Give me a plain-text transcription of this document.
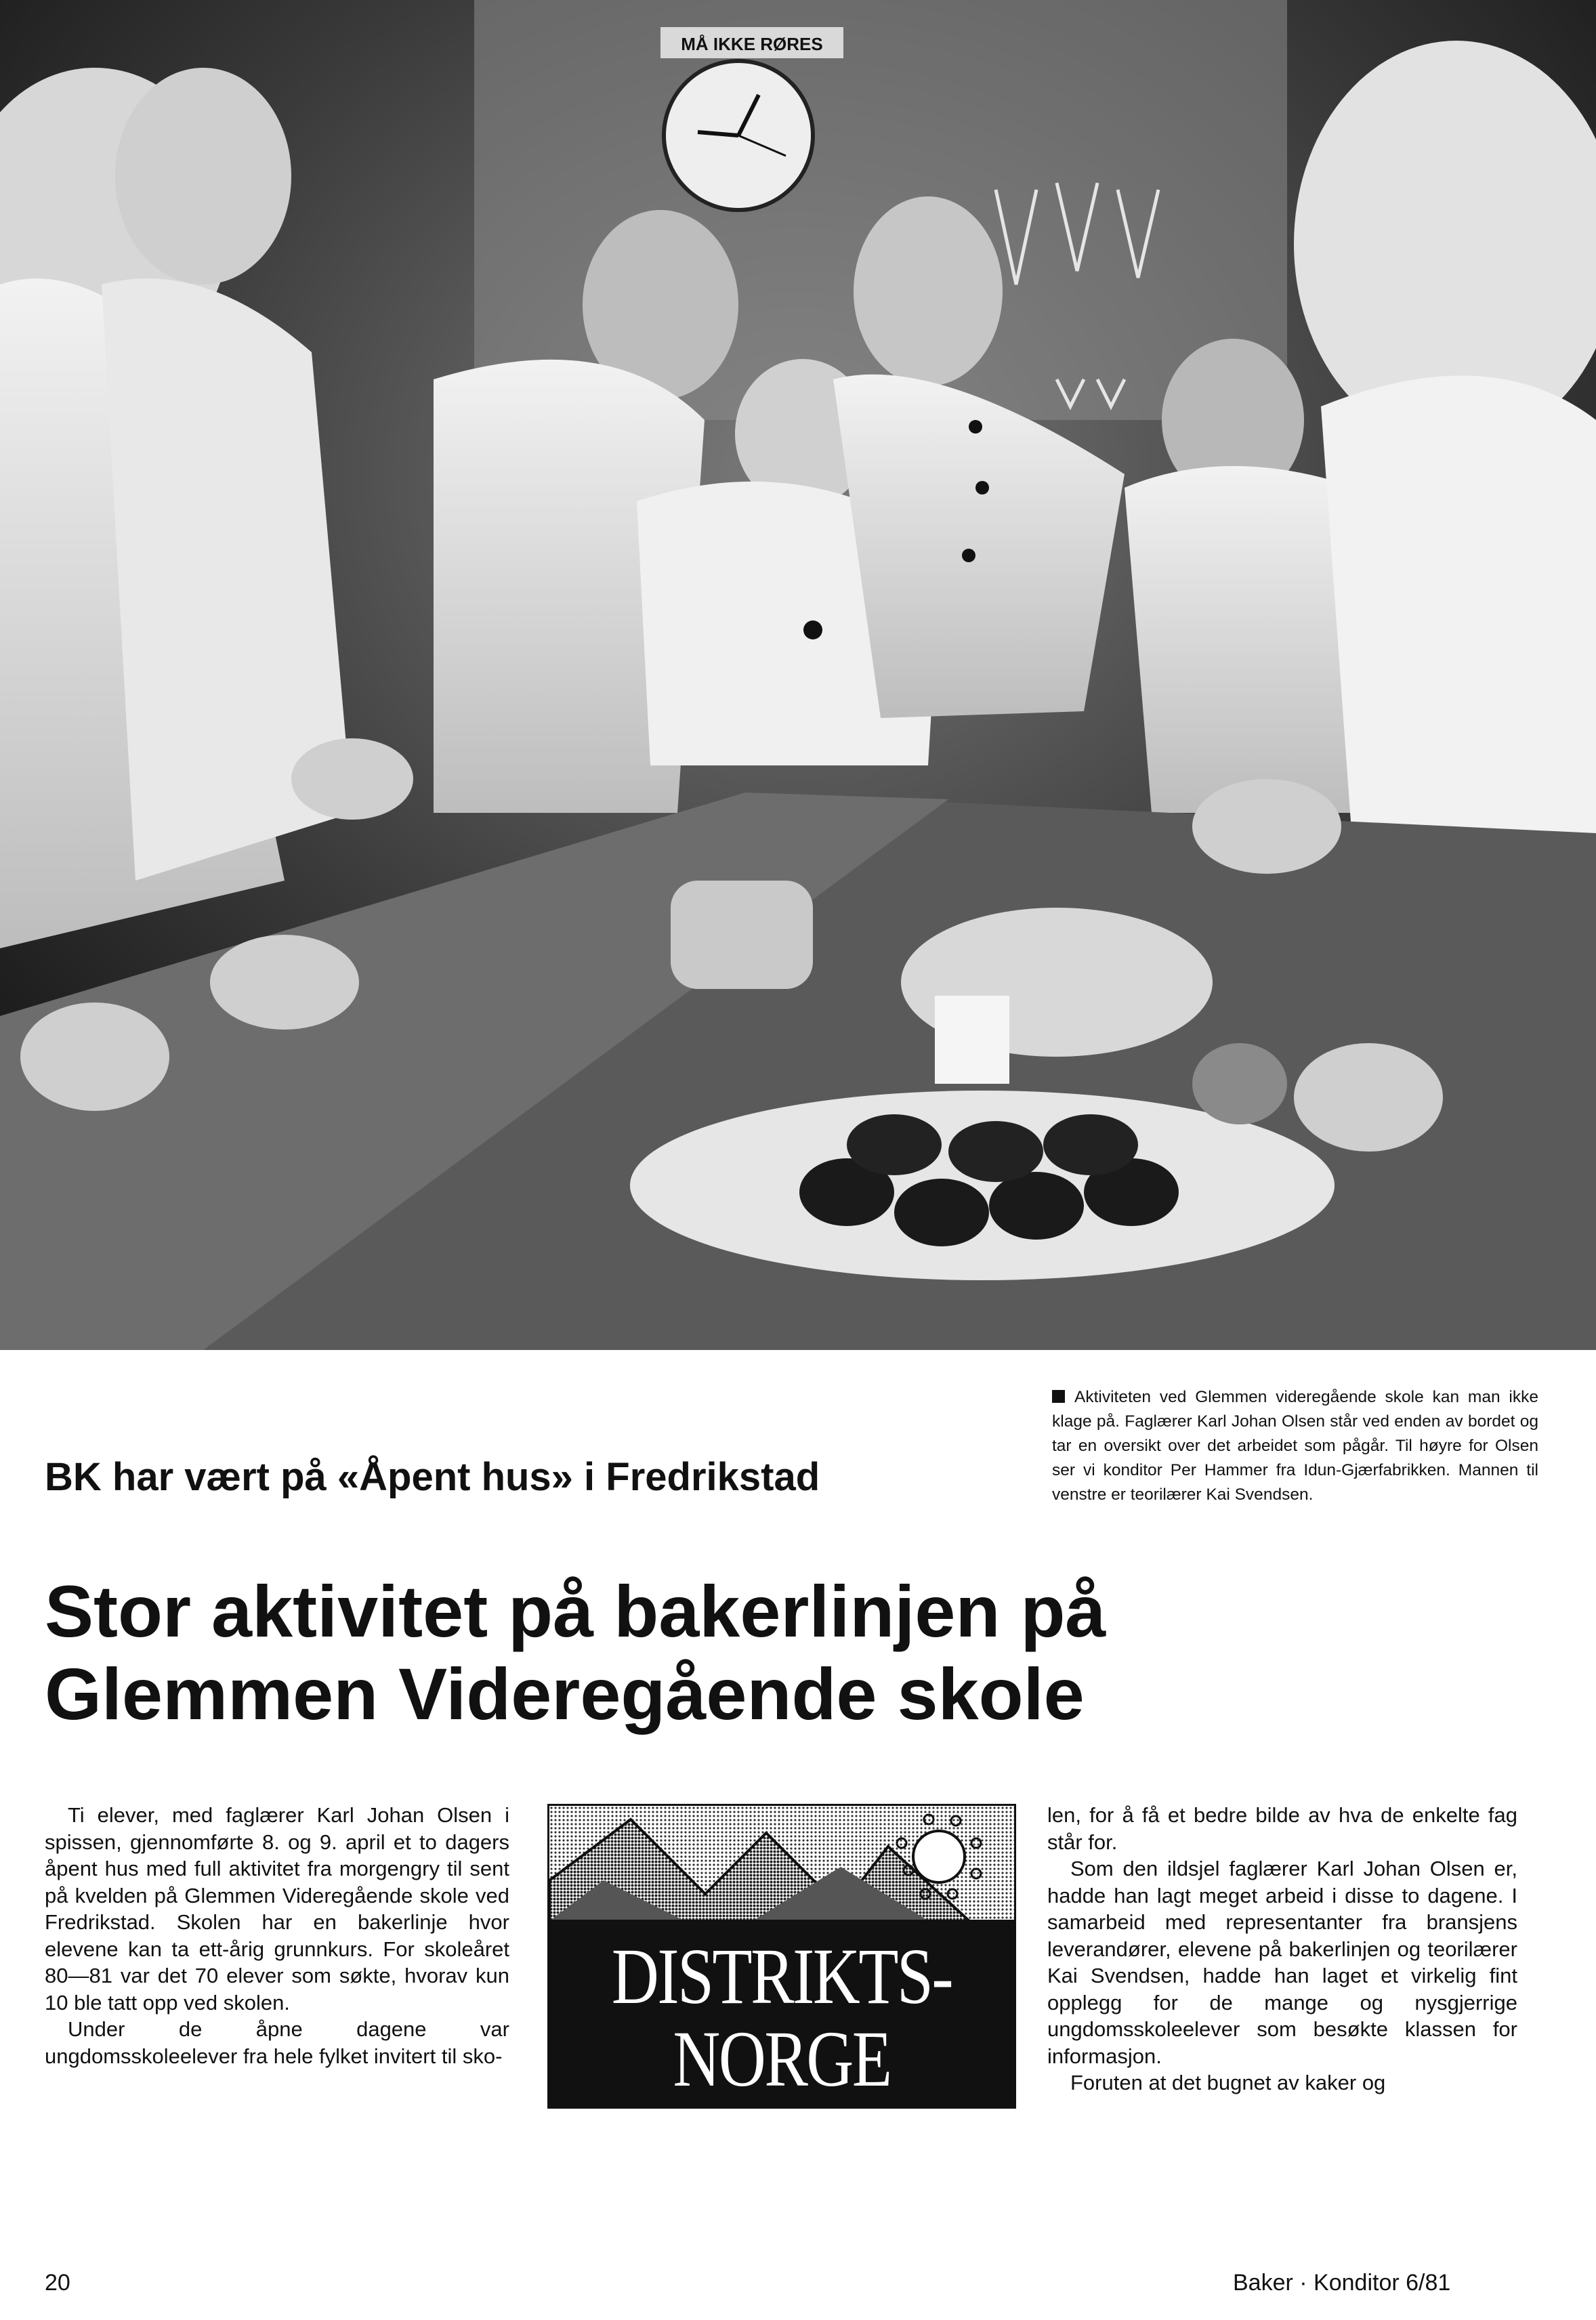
MÅ IKKE RØRES
Aktiviteten ved Glemmen videregående skole kan man ikke klage på. Faglærer Karl Johan Olsen står ved enden av bordet og tar en oversikt over det arbeidet som pågår. Til høyre for Olsen ser vi konditor Per Hammer fra Idun-Gjærfabrikken. Mannen til venstre er teorilærer Kai Svendsen.
BK har vært på «Åpent hus» i Fredrikstad
Stor aktivitet på bakerlinjen på
Glemmen Videregående skole

Ti elever, med faglærer Karl Johan Olsen i spissen, gjennomførte 8. og 9. april et to dagers åpent hus med full aktivitet fra morgengry til sent på kvelden på Glemmen Videregående skole ved Fredrikstad. Skolen har en bakerlinje hvor elevene kan ta ett-årig grunnkurs. For skoleåret 80—81 var det 70 elever som søkte, hvorav kun 10 ble tatt opp ved skolen.

Under de åpne dagene var ungdomsskoleelever fra hele fylket invitert til sko-

DISTRIKTS-
NORGE

len, for å få et bedre bilde av hva de enkelte fag står for.

Som den ildsjel faglærer Karl Johan Olsen er, hadde han lagt meget arbeid i disse to dagene. I samarbeid med representanter fra bransjens leverandører, elevene på bakerlinjen og teorilærer Kai Svendsen, hadde han laget et virkelig fint opplegg for de mange og nysgjerrige ungdomsskoleelever som besøkte klassen for informasjon.

Foruten at det bugnet av kaker og

20	Baker · Konditor 6/81
